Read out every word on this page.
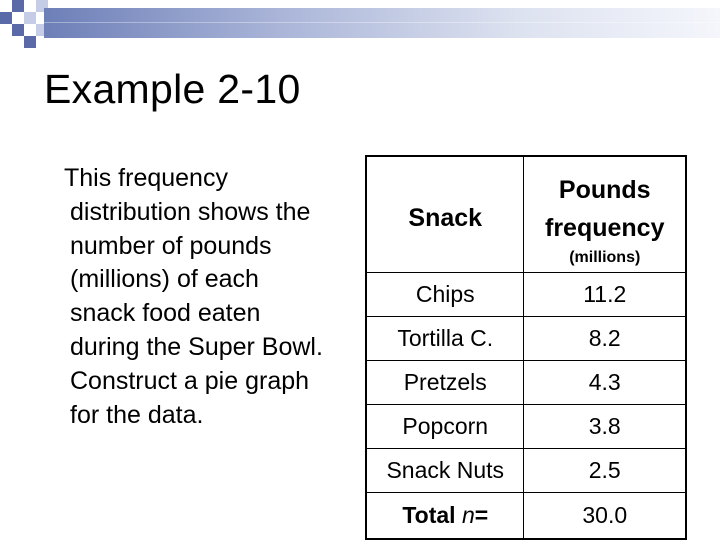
Example 2-10
This frequency
distribution shows the
number of pounds
(millions) of each
snack food eaten
during the Super Bowl.
Construct a pie graph
for the data.
Snack	Pounds
frequency
(millions)

Chips	11.2
Tortilla C.	8.2
Pretzels	4.3
Popcorn	3.8
Snack Nuts	2.5
Total n=	30.0
